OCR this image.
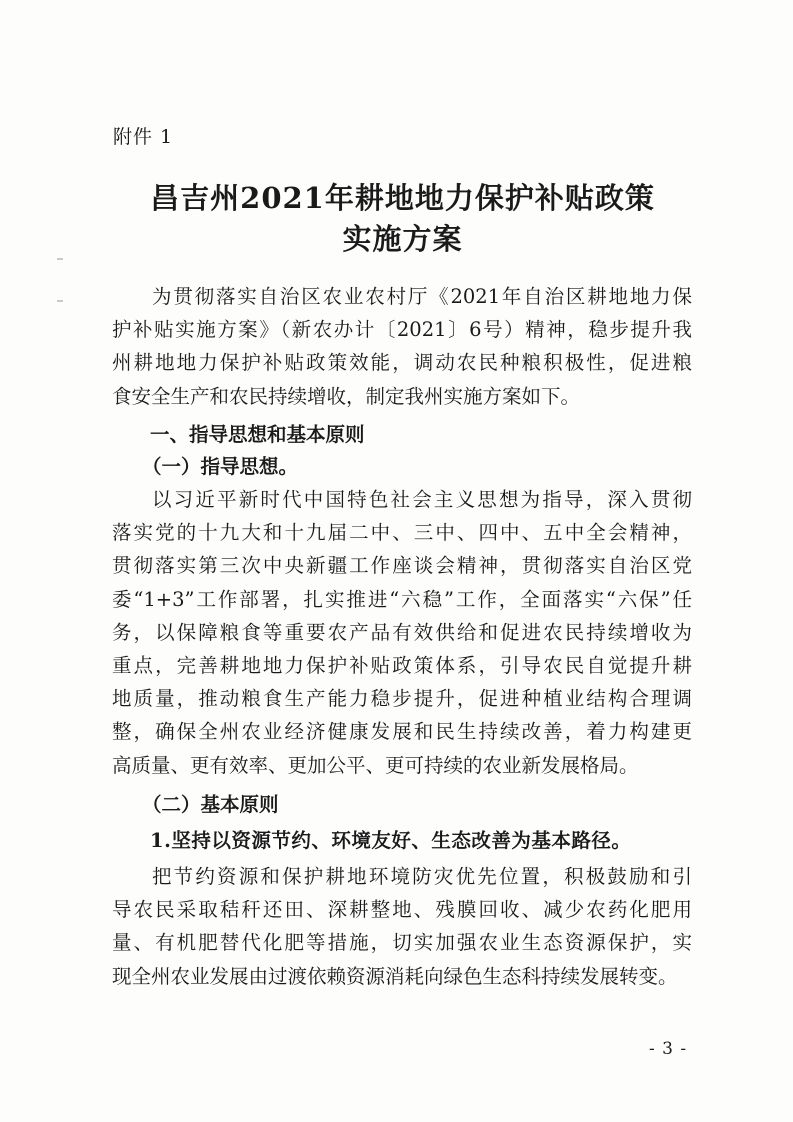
附件 1
昌吉州2021年耕地地力保护补贴政策
实施方案
为贯彻落实自治区农业农村厅《2021年自治区耕地地力保
护补贴实施方案》（新农办计〔2021〕6号）精神，稳步提升我
州耕地地力保护补贴政策效能，调动农民种粮积极性，促进粮
食安全生产和农民持续增收，制定我州实施方案如下。
一、指导思想和基本原则
（一）指导思想。
以习近平新时代中国特色社会主义思想为指导，深入贯彻
落实党的十九大和十九届二中、三中、四中、五中全会精神，
贯彻落实第三次中央新疆工作座谈会精神，贯彻落实自治区党
委“1+3”工作部署，扎实推进“六稳”工作，全面落实“六保”任
务，以保障粮食等重要农产品有效供给和促进农民持续增收为
重点，完善耕地地力保护补贴政策体系，引导农民自觉提升耕
地质量，推动粮食生产能力稳步提升，促进种植业结构合理调
整，确保全州农业经济健康发展和民生持续改善，着力构建更
高质量、更有效率、更加公平、更可持续的农业新发展格局。
（二）基本原则
1.坚持以资源节约、环境友好、生态改善为基本路径。
把节约资源和保护耕地环境防灾优先位置，积极鼓励和引
导农民采取秸秆还田、深耕整地、残膜回收、减少农药化肥用
量、有机肥替代化肥等措施，切实加强农业生态资源保护，实
现全州农业发展由过渡依赖资源消耗向绿色生态科持续发展转变。
- 3 -
